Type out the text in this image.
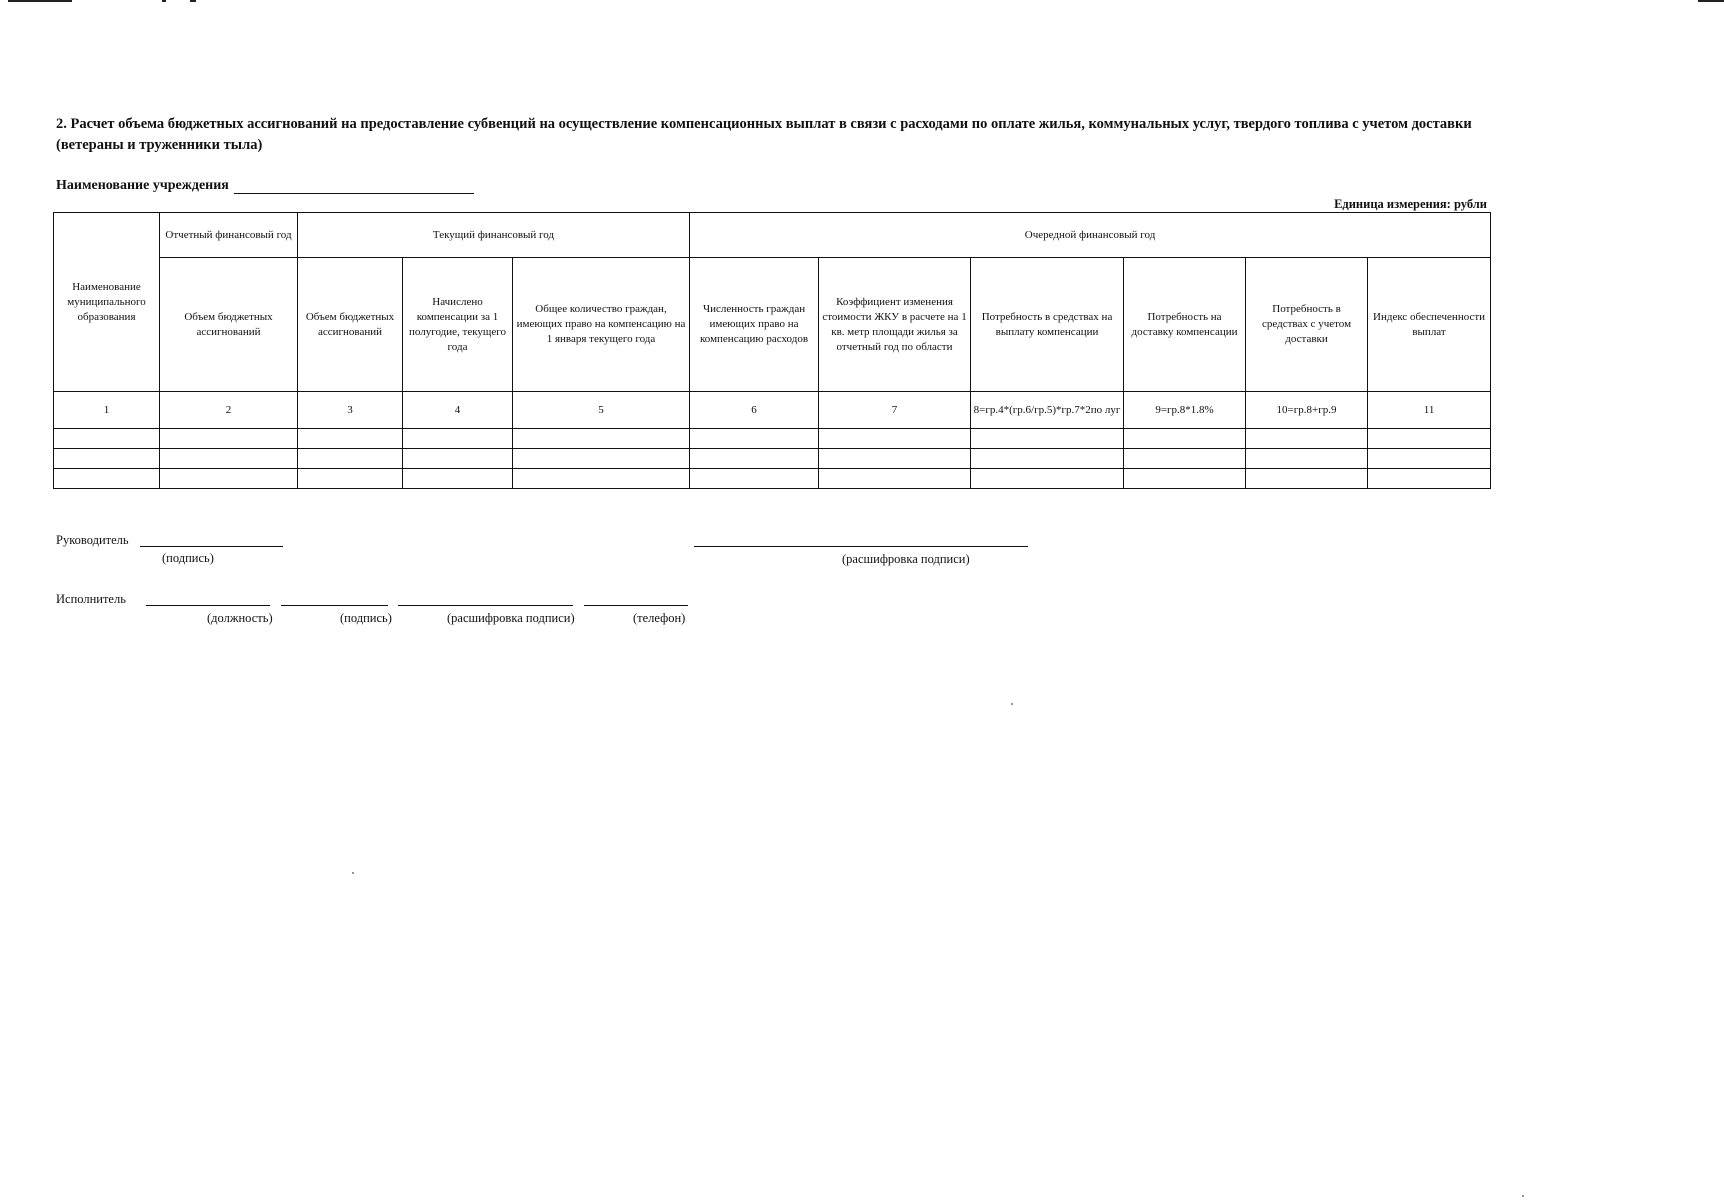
2. Расчет объема бюджетных ассигнований на предоставление субвенций на осуществление компенсационных выплат в связи с расходами по оплате жилья, коммунальных услуг, твердого топлива с учетом доставки (ветераны и труженники тыла)
Наименование учреждения
Единица измерения: рубли
Наименование муниципального образования	Отчетный финансовый год	Текущий финансовый год			Очередной финансовый год					
	Объем бюджетных ассигнований	Объем бюджетных ассигнований	Начислено компенсации за 1 полугодие, текущего года	Общее количество граждан, имеющих право на компенсацию на 1 января текущего года	Численность граждан имеющих право на компенсацию расходов	Коэффициент изменения стоимости ЖКУ в расчете на 1 кв. метр площади жилья за отчетный год по области	Потребность в средствах на выплату компенсации	Потребность на доставку компенсации	Потребность в средствах с учетом доставки	Индекс обеспеченности выплат
1	2	3	4	5	6	7	8=гр.4*(гр.6/гр.5)*гр.7*2по луг	9=гр.8*1.8%	10=гр.8+гр.9	11

Руководитель
(подпись)	(расшифровка подписи)
Исполнитель
(должность)	(подпись)	(расшифровка подписи)	(телефон)
